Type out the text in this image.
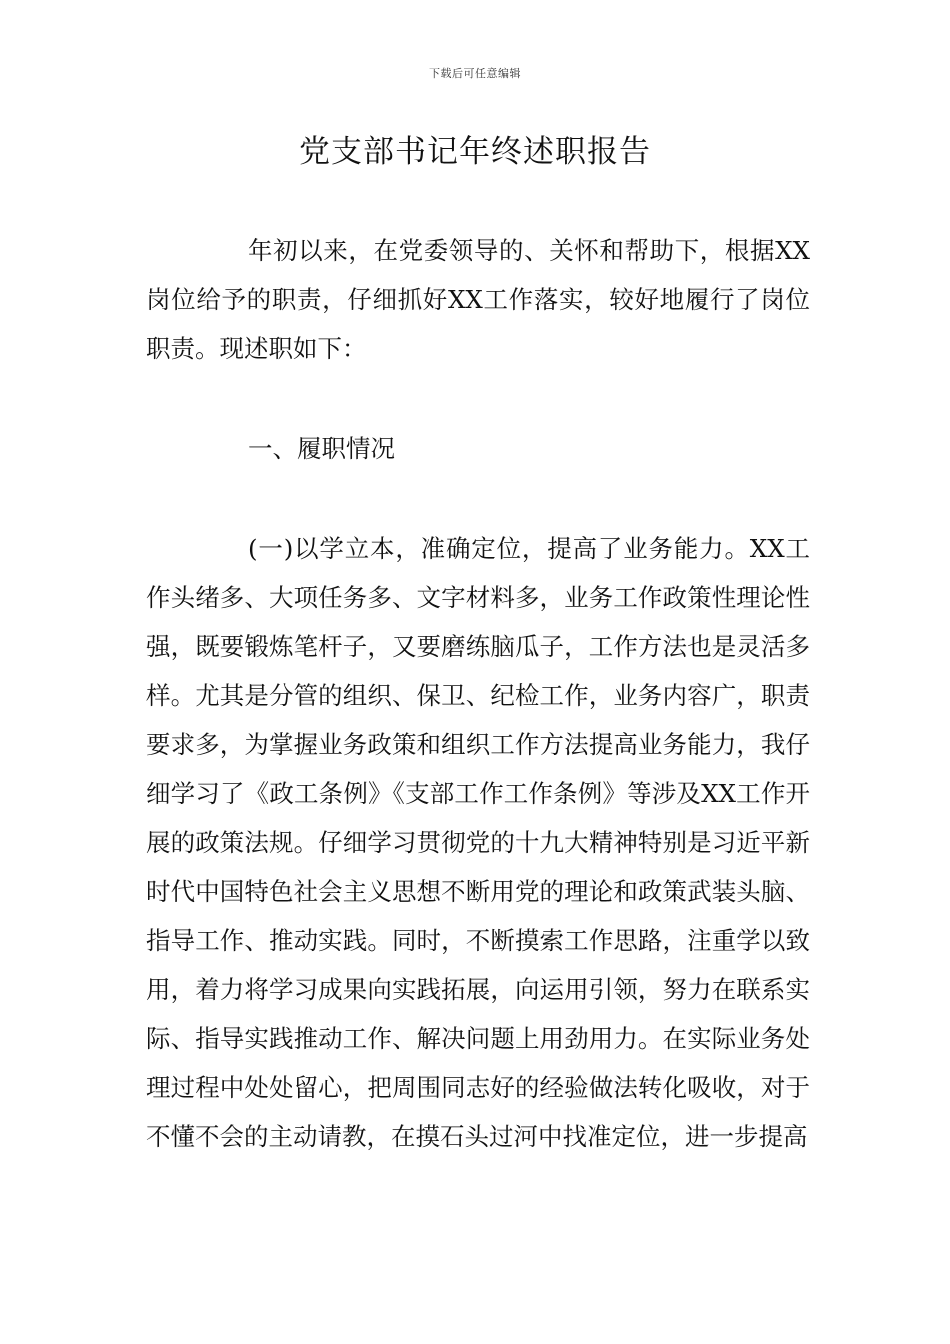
下载后可任意编辑
党支部书记年终述职报告

年初以来，在党委领导的、关怀和帮助下，根据XX岗位给予的职责，仔细抓好XX工作落实，较好地履行了岗位职责。现述职如下：

一、履职情况

(一)以学立本，准确定位，提高了业务能力。XX工作头绪多、大项任务多、文字材料多，业务工作政策性理论性强，既要锻炼笔杆子，又要磨练脑瓜子，工作方法也是灵活多样。尤其是分管的组织、保卫、纪检工作，业务内容广，职责要求多，为掌握业务政策和组织工作方法提高业务能力，我仔细学习了《政工条例》《支部工作工作条例》等涉及XX工作开展的政策法规。仔细学习贯彻党的十九大精神特别是习近平新时代中国特色社会主义思想不断用党的理论和政策武装头脑、指导工作、推动实践。同时，不断摸索工作思路，注重学以致用，着力将学习成果向实践拓展，向运用引领，努力在联系实际、指导实践推动工作、解决问题上用劲用力。在实际业务处理过程中处处留心，把周围同志好的经验做法转化吸收，对于不懂不会的主动请教，在摸石头过河中找准定位，进一步提高
